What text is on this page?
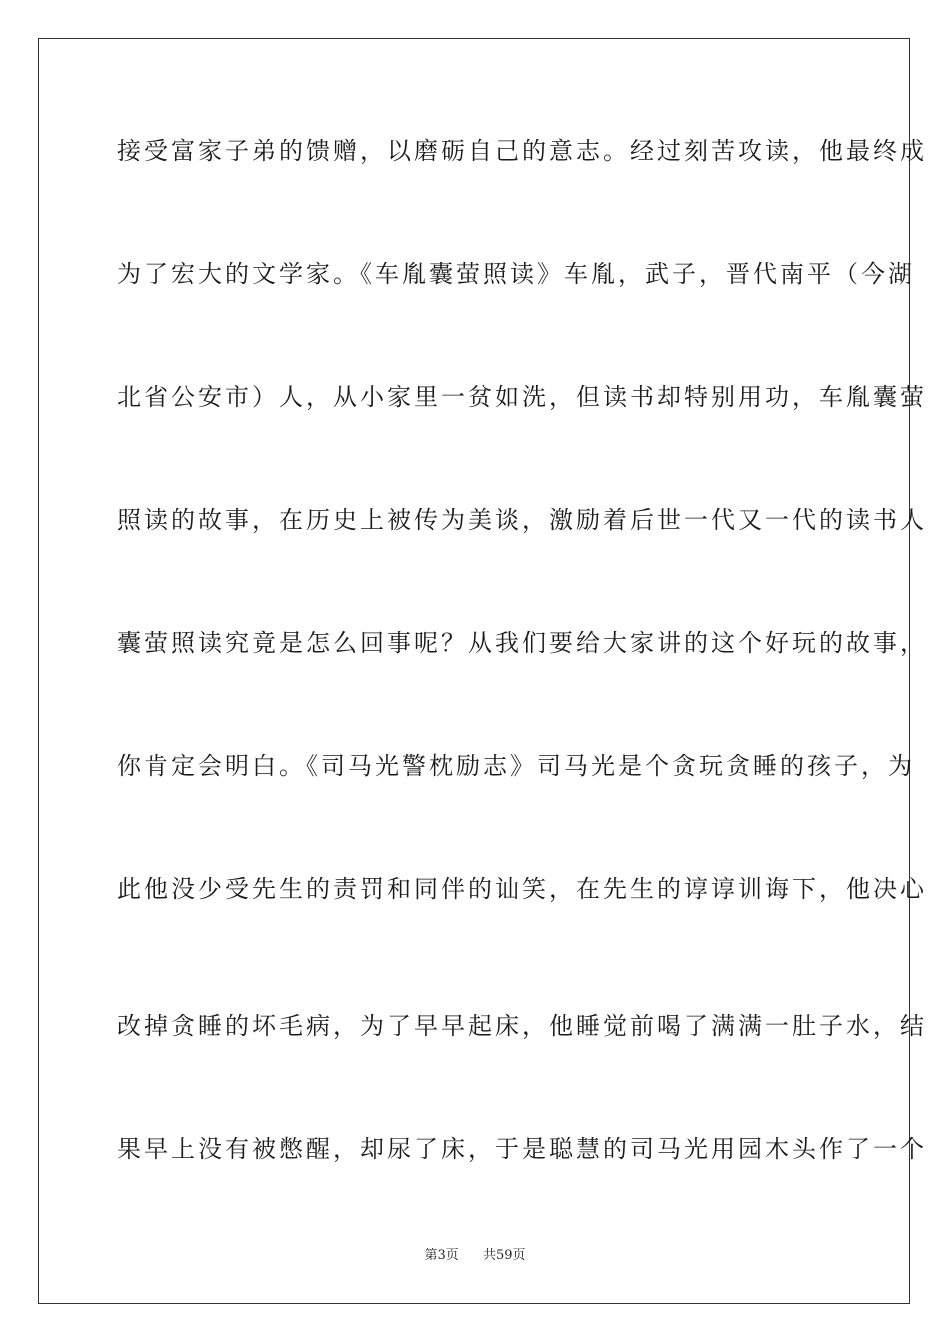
接受富家子弟的馈赠，以磨砺自己的意志。经过刻苦攻读，他最终成
为了宏大的文学家。《车胤囊萤照读》车胤，武子，晋代南平（今湖
北省公安市）人，从小家里一贫如洗，但读书却特别用功，车胤囊萤
照读的故事，在历史上被传为美谈，激励着后世一代又一代的读书人
囊萤照读究竟是怎么回事呢？从我们要给大家讲的这个好玩的故事，
你肯定会明白。《司马光警枕励志》司马光是个贪玩贪睡的孩子，为
此他没少受先生的责罚和同伴的讪笑，在先生的谆谆训诲下，他决心
改掉贪睡的坏毛病，为了早早起床，他睡觉前喝了满满一肚子水，结
果早上没有被憋醒，却尿了床，于是聪慧的司马光用园木头作了一个
第3页 共59页
